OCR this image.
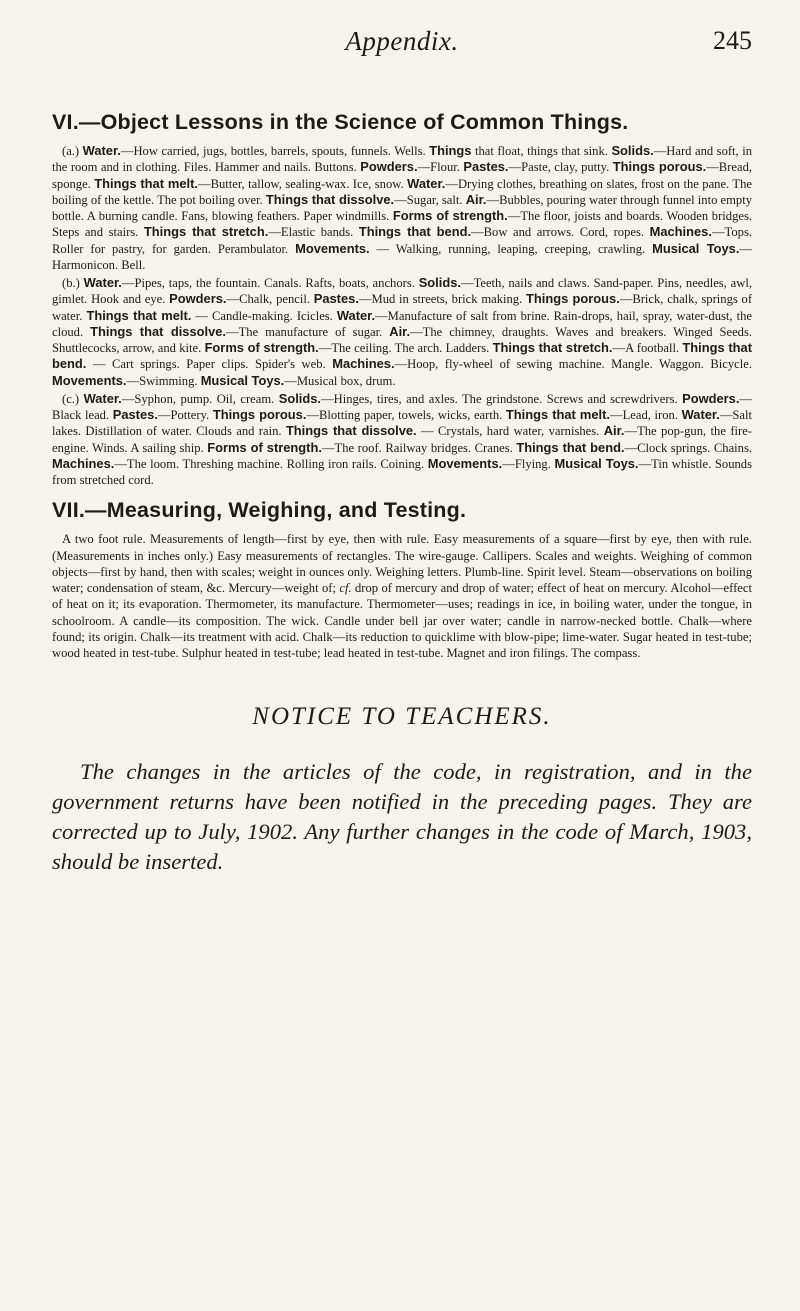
Appendix.	245
VI.—Object Lessons in the Science of Common Things.

(a.) Water.—How carried, jugs, bottles, barrels, spouts, funnels. Wells. Things that float, things that sink. Solids.—Hard and soft, in the room and in clothing. Files. Hammer and nails. Buttons. Powders.—Flour. Pastes.—Paste, clay, putty. Things porous.—Bread, sponge. Things that melt.—Butter, tallow, sealing-wax. Ice, snow. Water.—Drying clothes, breathing on slates, frost on the pane. The boiling of the kettle. The pot boiling over. Things that dissolve.—Sugar, salt. Air.—Bubbles, pouring water through funnel into empty bottle. A burning candle. Fans, blowing feathers. Paper windmills. Forms of strength.—The floor, joists and boards. Wooden bridges. Steps and stairs. Things that stretch.—Elastic bands. Things that bend.—Bow and arrows. Cord, ropes. Machines.—Tops. Roller for pastry, for garden. Perambulator. Movements. — Walking, running, leaping, creeping, crawling. Musical Toys.—Harmonicon. Bell.

(b.) Water.—Pipes, taps, the fountain. Canals. Rafts, boats, anchors. Solids.—Teeth, nails and claws. Sand-paper. Pins, needles, awl, gimlet. Hook and eye. Powders.—Chalk, pencil. Pastes.—Mud in streets, brick making. Things porous.—Brick, chalk, springs of water. Things that melt. — Candle-making. Icicles. Water.—Manufacture of salt from brine. Rain-drops, hail, spray, water-dust, the cloud. Things that dissolve.—The manufacture of sugar. Air.—The chimney, draughts. Waves and breakers. Winged Seeds. Shuttlecocks, arrow, and kite. Forms of strength.—The ceiling. The arch. Ladders. Things that stretch.—A football. Things that bend. — Cart springs. Paper clips. Spider's web. Machines.—Hoop, fly-wheel of sewing machine. Mangle. Waggon. Bicycle. Movements.—Swimming. Musical Toys.—Musical box, drum.

(c.) Water.—Syphon, pump. Oil, cream. Solids.—Hinges, tires, and axles. The grindstone. Screws and screwdrivers. Powders.—Black lead. Pastes.—Pottery. Things porous.—Blotting paper, towels, wicks, earth. Things that melt.—Lead, iron. Water.—Salt lakes. Distillation of water. Clouds and rain. Things that dissolve. — Crystals, hard water, varnishes. Air.—The pop-gun, the fire-engine. Winds. A sailing ship. Forms of strength.—The roof. Railway bridges. Cranes. Things that bend.—Clock springs. Chains. Machines.—The loom. Threshing machine. Rolling iron rails. Coining. Movements.—Flying. Musical Toys.—Tin whistle. Sounds from stretched cord.

VII.—Measuring, Weighing, and Testing.

A two foot rule. Measurements of length—first by eye, then with rule. Easy measurements of a square—first by eye, then with rule. (Measurements in inches only.) Easy measurements of rectangles. The wire-gauge. Callipers. Scales and weights. Weighing of common objects—first by hand, then with scales; weight in ounces only. Weighing letters. Plumb-line. Spirit level. Steam—observations on boiling water; condensation of steam, &c. Mercury—weight of; cf. drop of mercury and drop of water; effect of heat on mercury. Alcohol—effect of heat on it; its evaporation. Thermometer, its manufacture. Thermometer—uses; readings in ice, in boiling water, under the tongue, in schoolroom. A candle—its composition. The wick. Candle under bell jar over water; candle in narrow-necked bottle. Chalk—where found; its origin. Chalk—its treatment with acid. Chalk—its reduction to quicklime with blow-pipe; lime-water. Sugar heated in test-tube; wood heated in test-tube. Sulphur heated in test-tube; lead heated in test-tube. Magnet and iron filings. The compass.

NOTICE TO TEACHERS.

The changes in the articles of the code, in registration, and in the government returns have been notified in the preceding pages. They are corrected up to July, 1902. Any further changes in the code of March, 1903, should be inserted.
